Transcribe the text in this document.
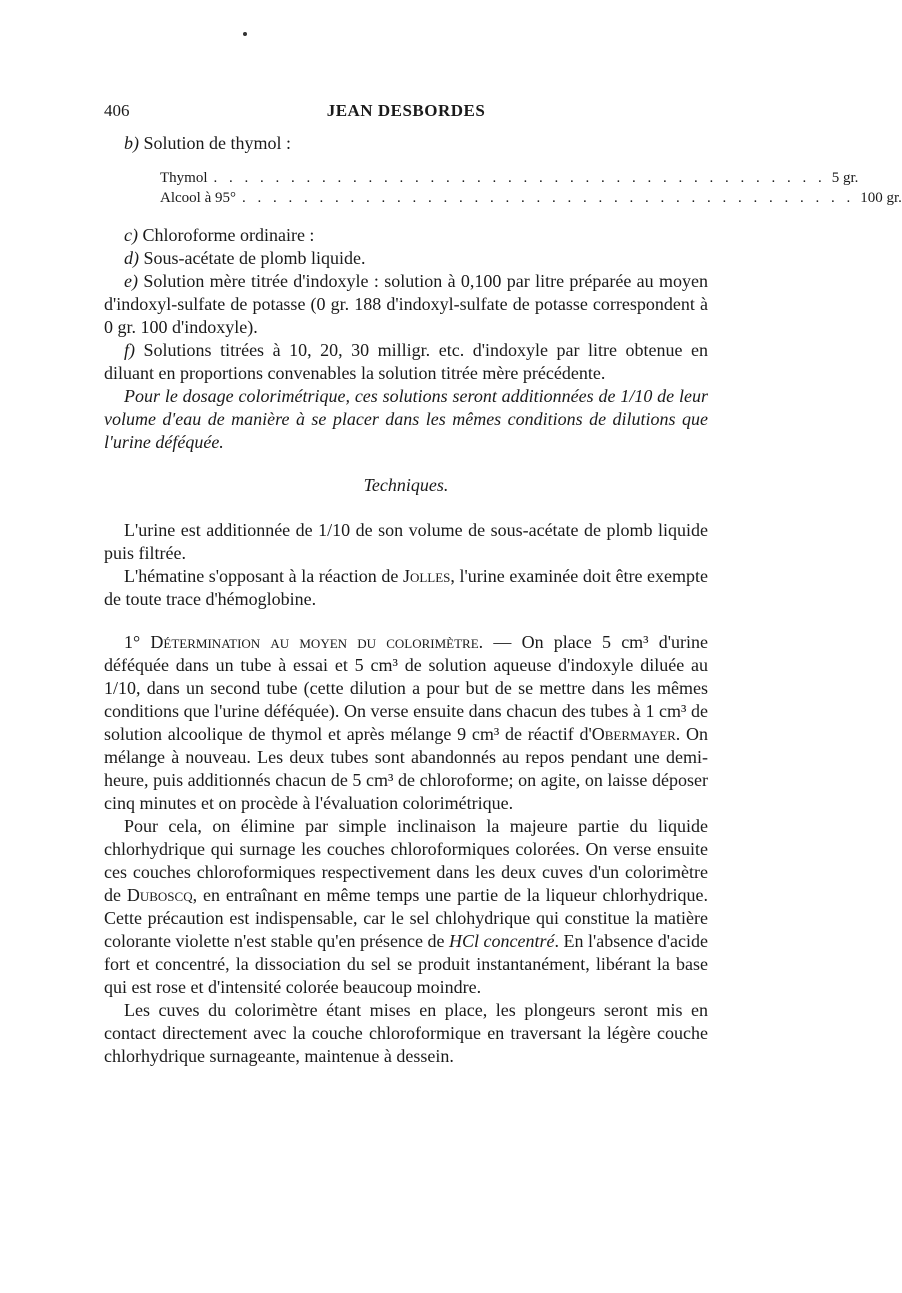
406	JEAN DESBORDES

b) Solution de thymol :

Thymol . . . . . . . . . . . . . . . . . . . . . . . . . . . . . . . . . . . . . . . . 5 gr.
Alcool à 95° . . . . . . . . . . . . . . . . . . . . . . . . . . . . . . . . . . . . . . . . 100 gr.

c) Chloroforme ordinaire :

d) Sous-acétate de plomb liquide.

e) Solution mère titrée d'indoxyle : solution à 0,100 par litre préparée au moyen d'indoxyl-sulfate de potasse (0 gr. 188 d'indoxyl-sulfate de potasse correspondent à 0 gr. 100 d'indoxyle).

f) Solutions titrées à 10, 20, 30 milligr. etc. d'indoxyle par litre obtenue en diluant en proportions convenables la solution titrée mère précédente.

Pour le dosage colorimétrique, ces solutions seront additionnées de 1/10 de leur volume d'eau de manière à se placer dans les mêmes conditions de dilutions que l'urine déféquée.

Techniques.

L'urine est additionnée de 1/10 de son volume de sous-acétate de plomb liquide puis filtrée.

L'hématine s'opposant à la réaction de Jolles, l'urine examinée doit être exempte de toute trace d'hémoglobine.

1° Détermination au moyen du colorimètre. — On place 5 cm³ d'urine déféquée dans un tube à essai et 5 cm³ de solution aqueuse d'indoxyle diluée au 1/10, dans un second tube (cette dilution a pour but de se mettre dans les mêmes conditions que l'urine déféquée). On verse ensuite dans chacun des tubes à 1 cm³ de solution alcoolique de thymol et après mélange 9 cm³ de réactif d'Obermayer. On mélange à nouveau. Les deux tubes sont abandonnés au repos pendant une demi-heure, puis additionnés chacun de 5 cm³ de chloroforme; on agite, on laisse déposer cinq minutes et on procède à l'évaluation colorimétrique.

Pour cela, on élimine par simple inclinaison la majeure partie du liquide chlorhydrique qui surnage les couches chloroformiques colorées. On verse ensuite ces couches chloroformiques respectivement dans les deux cuves d'un colorimètre de Duboscq, en entraînant en même temps une partie de la liqueur chlorhydrique. Cette précaution est indispensable, car le sel chlohydrique qui constitue la matière colorante violette n'est stable qu'en présence de HCl concentré. En l'absence d'acide fort et concentré, la dissociation du sel se produit instantanément, libérant la base qui est rose et d'intensité colorée beaucoup moindre.

Les cuves du colorimètre étant mises en place, les plongeurs seront mis en contact directement avec la couche chloroformique en traversant la légère couche chlorhydrique surnageante, maintenue à dessein.
